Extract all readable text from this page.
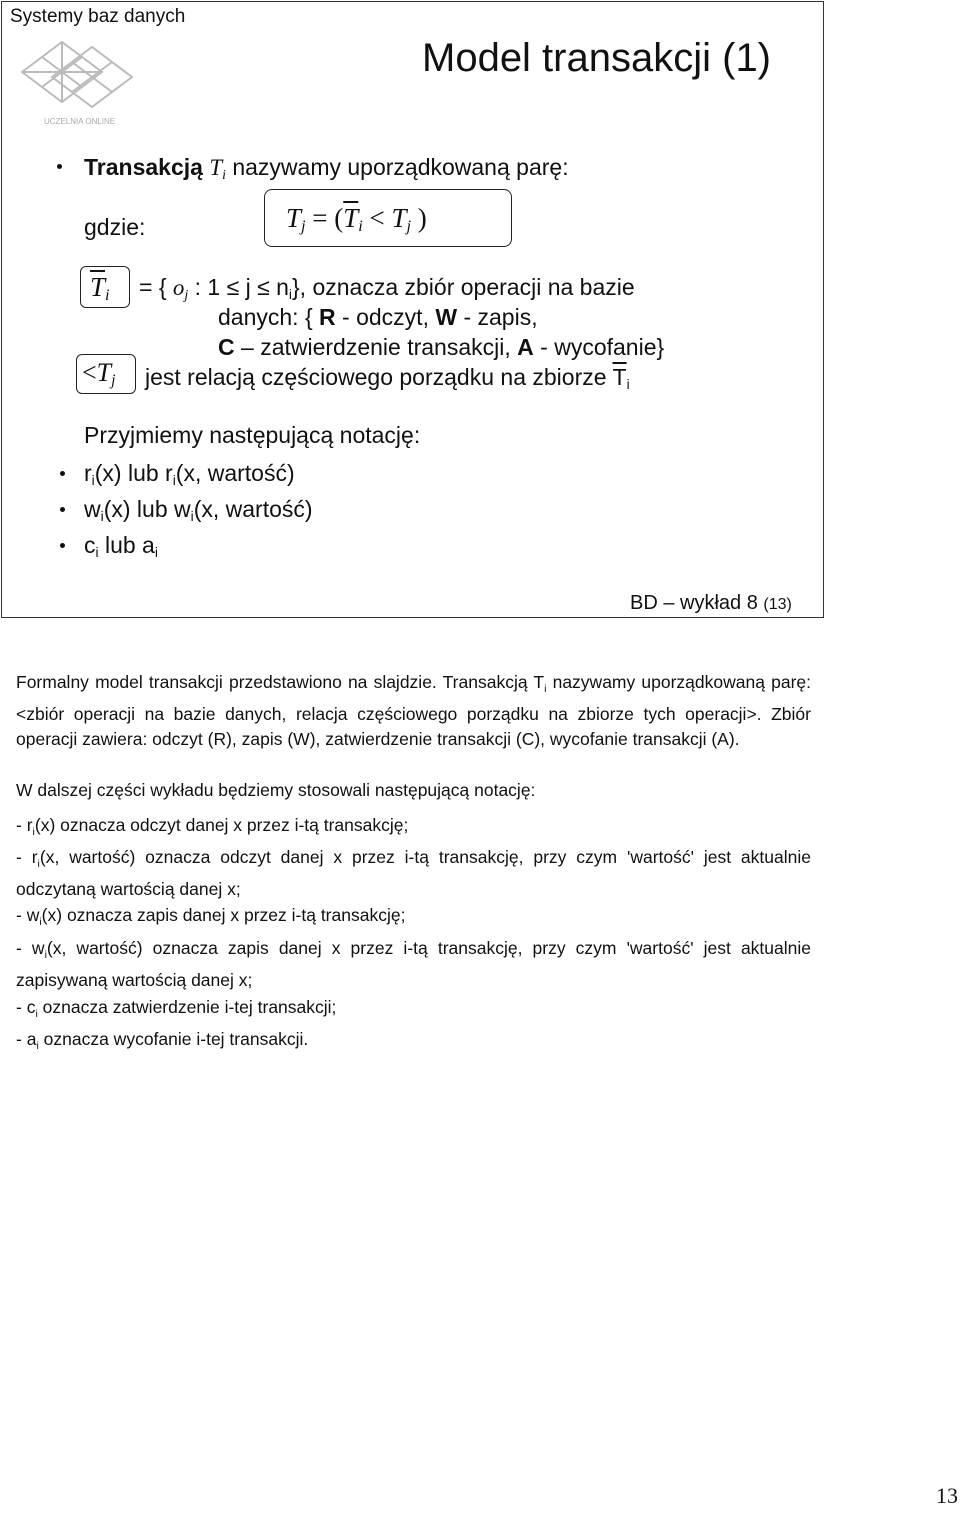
Systemy baz danych
UCZELNIA ONLINE
Model transakcji (1)
Transakcją $T_i$ nazywamy uporządkowaną parę:
gdzie:	$T_j = (\overline{T}_i < T_j$ )
$\overline{T}_i$ = { $o_j$ : $1 \le j \le n_i$}, oznacza zbiór operacji na bazie
danych: { R - odczyt, W - zapis,
C – zatwierdzenie transakcji, A - wycofanie}
$<T_j$ jest relacją częściowego porządku na zbiorze $\overline{T}_i$
Przyjmiemy następującą notację:
$r_i(x)$ lub $r_i(x$, wartość)
$w_i(x)$ lub $w_i(x$, wartość)
$c_i$ lub $a_i$
BD – wykład 8 (13)
Formalny model transakcji przedstawiono na slajdzie. Transakcją $T_i$ nazywamy uporządkowaną parę: <zbiór operacji na bazie danych, relacja częściowego porządku na zbiorze tych operacji>. Zbiór operacji zawiera: odczyt (R), zapis (W), zatwierdzenie transakcji (C), wycofanie transakcji (A).
W dalszej części wykładu będziemy stosowali następującą notację:
- $r_i(x)$ oznacza odczyt danej x przez i-tą transakcję;
- $r_i(x$, wartość) oznacza odczyt danej x przez i-tą transakcję, przy czym 'wartość' jest aktualnie odczytaną wartością danej x;
- $w_i(x)$ oznacza zapis danej x przez i-tą transakcję;
- $w_i(x$, wartość) oznacza zapis danej x przez i-tą transakcję, przy czym 'wartość' jest aktualnie zapisywaną wartością danej x;
- $c_i$ oznacza zatwierdzenie i-tej transakcji;
- $a_i$ oznacza wycofanie i-tej transakcji.
13
